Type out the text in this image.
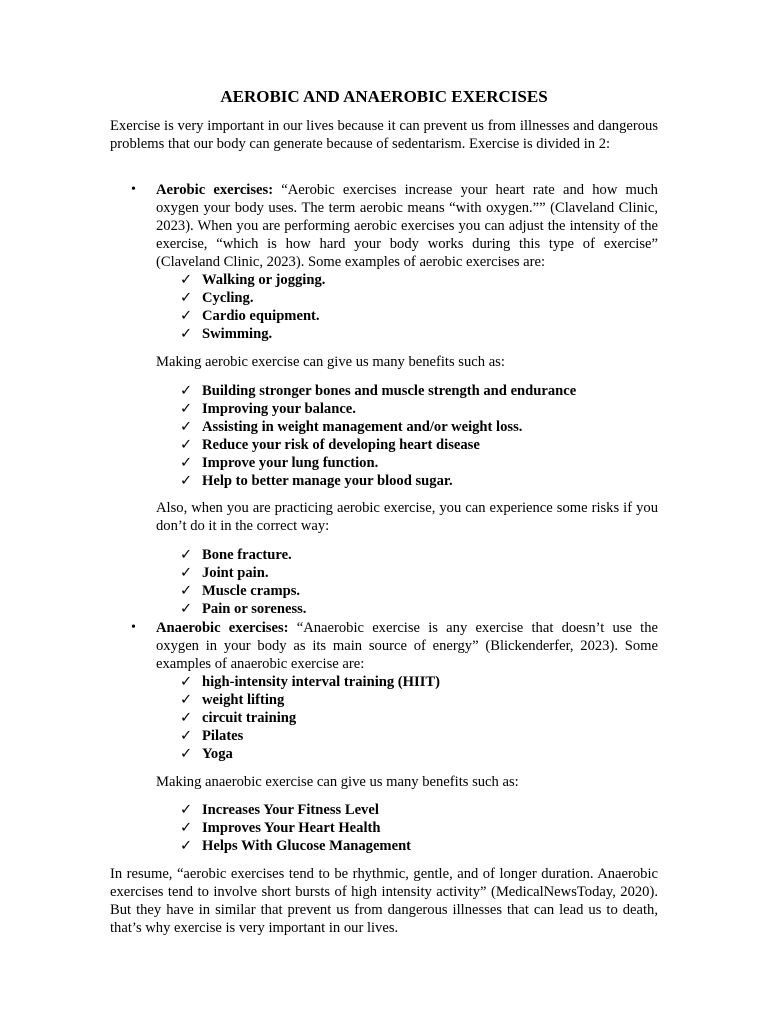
AEROBIC AND ANAEROBIC EXERCISES

Exercise is very important in our lives because it can prevent us from illnesses and dangerous problems that our body can generate because of sedentarism. Exercise is divided in 2:

• Aerobic exercises: “Aerobic exercises increase your heart rate and how much oxygen your body uses. The term aerobic means “with oxygen.”” (Claveland Clinic, 2023). When you are performing aerobic exercises you can adjust the intensity of the exercise, “which is how hard your body works during this type of exercise” (Claveland Clinic, 2023). Some examples of aerobic exercises are:

✓ Walking or jogging.
✓ Cycling.
✓ Cardio equipment.
✓ Swimming.

Making aerobic exercise can give us many benefits such as:

✓ Building stronger bones and muscle strength and endurance
✓ Improving your balance.
✓ Assisting in weight management and/or weight loss.
✓ Reduce your risk of developing heart disease
✓ Improve your lung function.
✓ Help to better manage your blood sugar.

Also, when you are practicing aerobic exercise, you can experience some risks if you don’t do it in the correct way:

✓ Bone fracture.
✓ Joint pain.
✓ Muscle cramps.
✓ Pain or soreness.

• Anaerobic exercises: “Anaerobic exercise is any exercise that doesn’t use the oxygen in your body as its main source of energy” (Blickenderfer, 2023). Some examples of anaerobic exercise are:

✓ high-intensity interval training (HIIT)
✓ weight lifting
✓ circuit training
✓ Pilates
✓ Yoga

Making anaerobic exercise can give us many benefits such as:

✓ Increases Your Fitness Level
✓ Improves Your Heart Health
✓ Helps With Glucose Management

In resume, “aerobic exercises tend to be rhythmic, gentle, and of longer duration. Anaerobic exercises tend to involve short bursts of high intensity activity” (MedicalNewsToday, 2020). But they have in similar that prevent us from dangerous illnesses that can lead us to death, that’s why exercise is very important in our lives.
